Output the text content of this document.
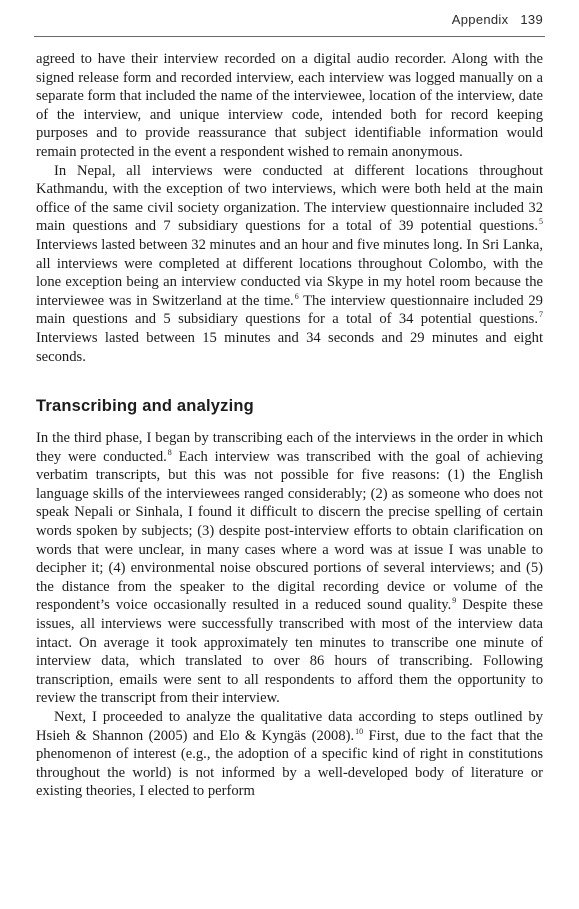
Appendix 139

agreed to have their interview recorded on a digital audio recorder. Along with the signed release form and recorded interview, each interview was logged manually on a separate form that included the name of the interviewee, location of the interview, date of the interview, and unique interview code, intended both for record keeping purposes and to provide reassurance that subject identifiable information would remain protected in the event a respondent wished to remain anonymous.

In Nepal, all interviews were conducted at different locations throughout Kathmandu, with the exception of two interviews, which were both held at the main office of the same civil society organization. The interview questionnaire included 32 main questions and 7 subsidiary questions for a total of 39 potential questions.$^5$ Interviews lasted between 32 minutes and an hour and five minutes long. In Sri Lanka, all interviews were completed at different locations throughout Colombo, with the lone exception being an interview conducted via Skype in my hotel room because the interviewee was in Switzerland at the time.$^6$ The interview questionnaire included 29 main questions and 5 subsidiary questions for a total of 34 potential questions.$^7$ Interviews lasted between 15 minutes and 34 seconds and 29 minutes and eight seconds.

Transcribing and analyzing

In the third phase, I began by transcribing each of the interviews in the order in which they were conducted.$^8$ Each interview was transcribed with the goal of achieving verbatim transcripts, but this was not possible for five reasons: (1) the English language skills of the interviewees ranged considerably; (2) as someone who does not speak Nepali or Sinhala, I found it difficult to discern the precise spelling of certain words spoken by subjects; (3) despite post-interview efforts to obtain clarification on words that were unclear, in many cases where a word was at issue I was unable to decipher it; (4) environmental noise obscured portions of several interviews; and (5) the distance from the speaker to the digital recording device or volume of the respondent’s voice occasionally resulted in a reduced sound quality.$^9$ Despite these issues, all interviews were successfully transcribed with most of the interview data intact. On average it took approximately ten minutes to transcribe one minute of interview data, which translated to over 86 hours of transcribing. Following transcription, emails were sent to all respondents to afford them the opportunity to review the transcript from their interview.

Next, I proceeded to analyze the qualitative data according to steps outlined by Hsieh & Shannon (2005) and Elo & Kyngäs (2008).$^{10}$ First, due to the fact that the phenomenon of interest (e.g., the adoption of a specific kind of right in constitutions throughout the world) is not informed by a well-developed body of literature or existing theories, I elected to perform
